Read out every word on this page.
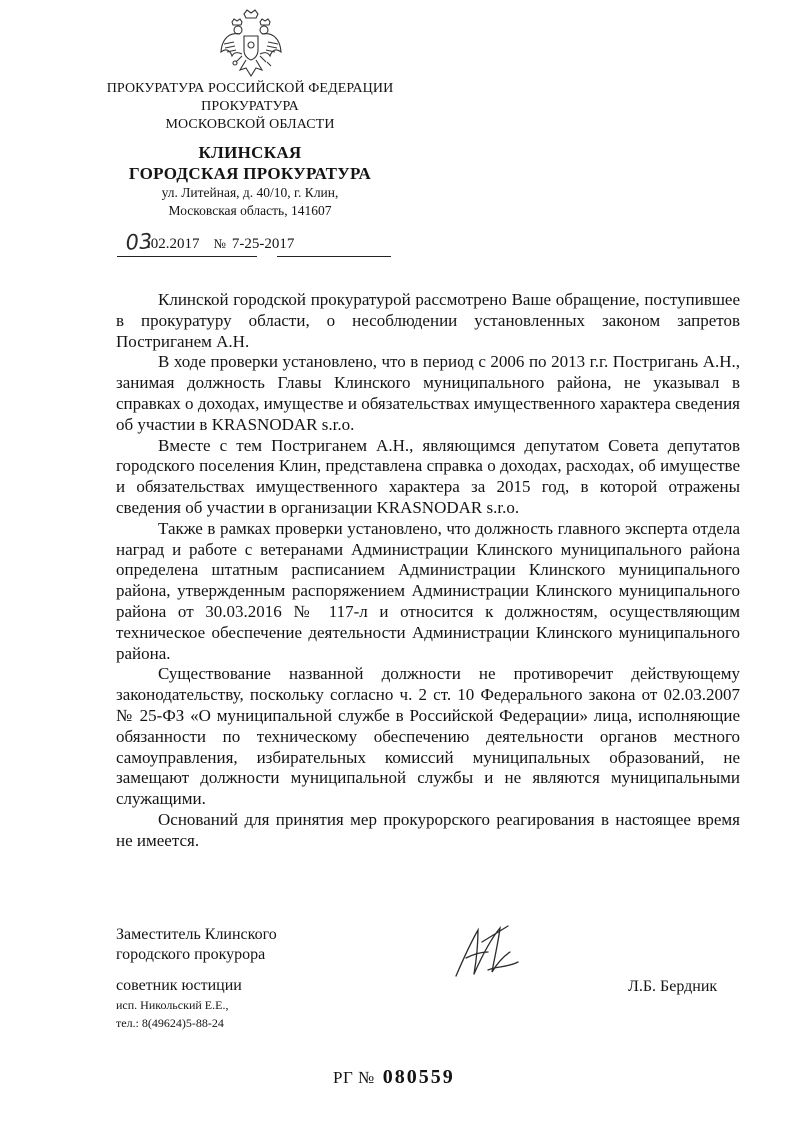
ПРОКУРАТУРА РОССИЙСКОЙ ФЕДЕРАЦИИ
ПРОКУРАТУРА
МОСКОВСКОЙ ОБЛАСТИ
КЛИНСКАЯ
ГОРОДСКАЯ ПРОКУРАТУРА
ул. Литейная, д. 40/10, г. Клин,
Московская область, 141607
03
.02.2017 № 7-25-2017

Клинской городской прокуратурой рассмотрено Ваше обращение, поступившее в прокуратуру области, о несоблюдении установленных законом запретов Постриганем А.Н.

В ходе проверки установлено, что в период с 2006 по 2013 г.г. Постригань А.Н., занимая должность Главы Клинского муниципального района, не указывал в справках о доходах, имуществе и обязательствах имущественного характера сведения об участии в KRASNODAR s.r.o.

Вместе с тем Постриганем А.Н., являющимся депутатом Совета депутатов городского поселения Клин, представлена справка о доходах, расходах, об имуществе и обязательствах имущественного характера за 2015 год, в которой отражены сведения об участии в организации KRASNODAR s.r.o.

Также в рамках проверки установлено, что должность главного эксперта отдела наград и работе с ветеранами Администрации Клинского муниципального района определена штатным расписанием Администрации Клинского муниципального района, утвержденным распоряжением Администрации Клинского муниципального района от 30.03.2016 № 117-л и относится к должностям, осуществляющим техническое обеспечение деятельности Администрации Клинского муниципального района.

Существование названной должности не противоречит действующему законодательству, поскольку согласно ч. 2 ст. 10 Федерального закона от 02.03.2007 № 25-ФЗ «О муниципальной службе в Российской Федерации» лица, исполняющие обязанности по техническому обеспечению деятельности органов местного самоуправления, избирательных комиссий муниципальных образований, не замещают должности муниципальной службы и не являются муниципальными служащими.

Оснований для принятия мер прокурорского реагирования в настоящее время не имеется.

Заместитель Клинского
городского прокурора
советник юстиции
исп. Никольский Е.Е.,
тел.: 8(49624)5-88-24
Л.Б. Бердник
РГ № 080559
